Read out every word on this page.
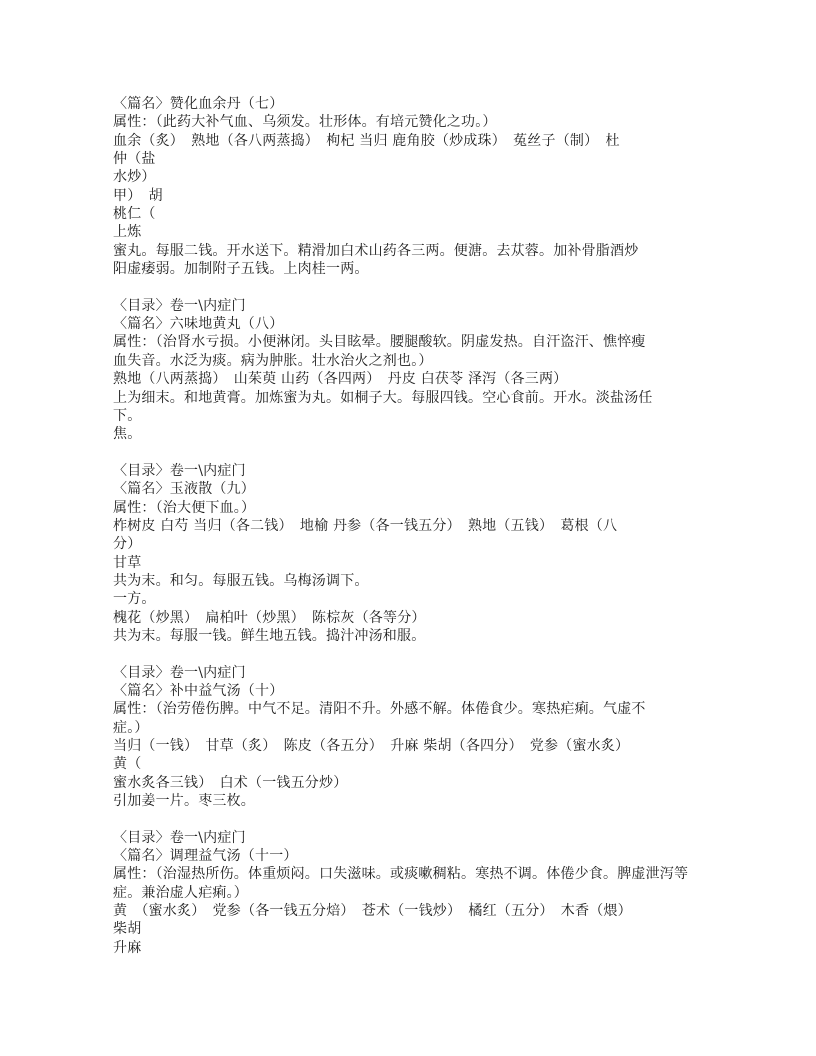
〈篇名〉赞化血余丹（七）
属性：（此药大补气血、乌须发。壮形体。有培元赞化之功。）
血余（炙）　熟地（各八两蒸捣）　枸杞 当归 鹿角胶（炒成珠）　菟丝子（制）　杜
仲（盐
水炒）
甲）　胡
桃仁（
上炼
蜜丸。每服二钱。开水送下。精滑加白术山药各三两。便溏。去苁蓉。加补骨脂酒炒
阳虚痿弱。加制附子五钱。上肉桂一两。
〈目录〉卷一\内症门
〈篇名〉六味地黄丸（八）
属性：（治肾水亏损。小便淋闭。头目眩晕。腰腿酸软。阴虚发热。自汗盗汗、憔悴瘦
血失音。水泛为痰。病为肿胀。壮水治火之剂也。）
熟地（八两蒸捣）　山茱萸 山药（各四两）　丹皮 白茯苓 泽泻（各三两）
上为细末。和地黄膏。加炼蜜为丸。如桐子大。每服四钱。空心食前。开水。淡盐汤任
下。
焦。
〈目录〉卷一\内症门
〈篇名〉玉液散（九）
属性：（治大便下血。）
柞树皮 白芍 当归（各二钱）　地榆 丹参（各一钱五分）　熟地（五钱）　葛根（八
分）
甘草
共为末。和匀。每服五钱。乌梅汤调下。
一方。
槐花（炒黑）　扁柏叶（炒黑）　陈棕灰（各等分）
共为末。每服一钱。鲜生地五钱。捣汁冲汤和服。
〈目录〉卷一\内症门
〈篇名〉补中益气汤（十）
属性：（治劳倦伤脾。中气不足。清阳不升。外感不解。体倦食少。寒热疟痢。气虚不
症。）
当归（一钱）　甘草（炙）　陈皮（各五分）　升麻 柴胡（各四分）　党参（蜜水炙）
黄（
蜜水炙各三钱）　白术（一钱五分炒）
引加姜一片。枣三枚。
〈目录〉卷一\内症门
〈篇名〉调理益气汤（十一）
属性：（治湿热所伤。体重烦闷。口失滋味。或痰嗽稠粘。寒热不调。体倦少食。脾虚泄泻等
症。兼治虚人疟痢。）
黄　（蜜水炙）　党参（各一钱五分焙）　苍术（一钱炒）　橘红（五分）　木香（煨）
柴胡
升麻
